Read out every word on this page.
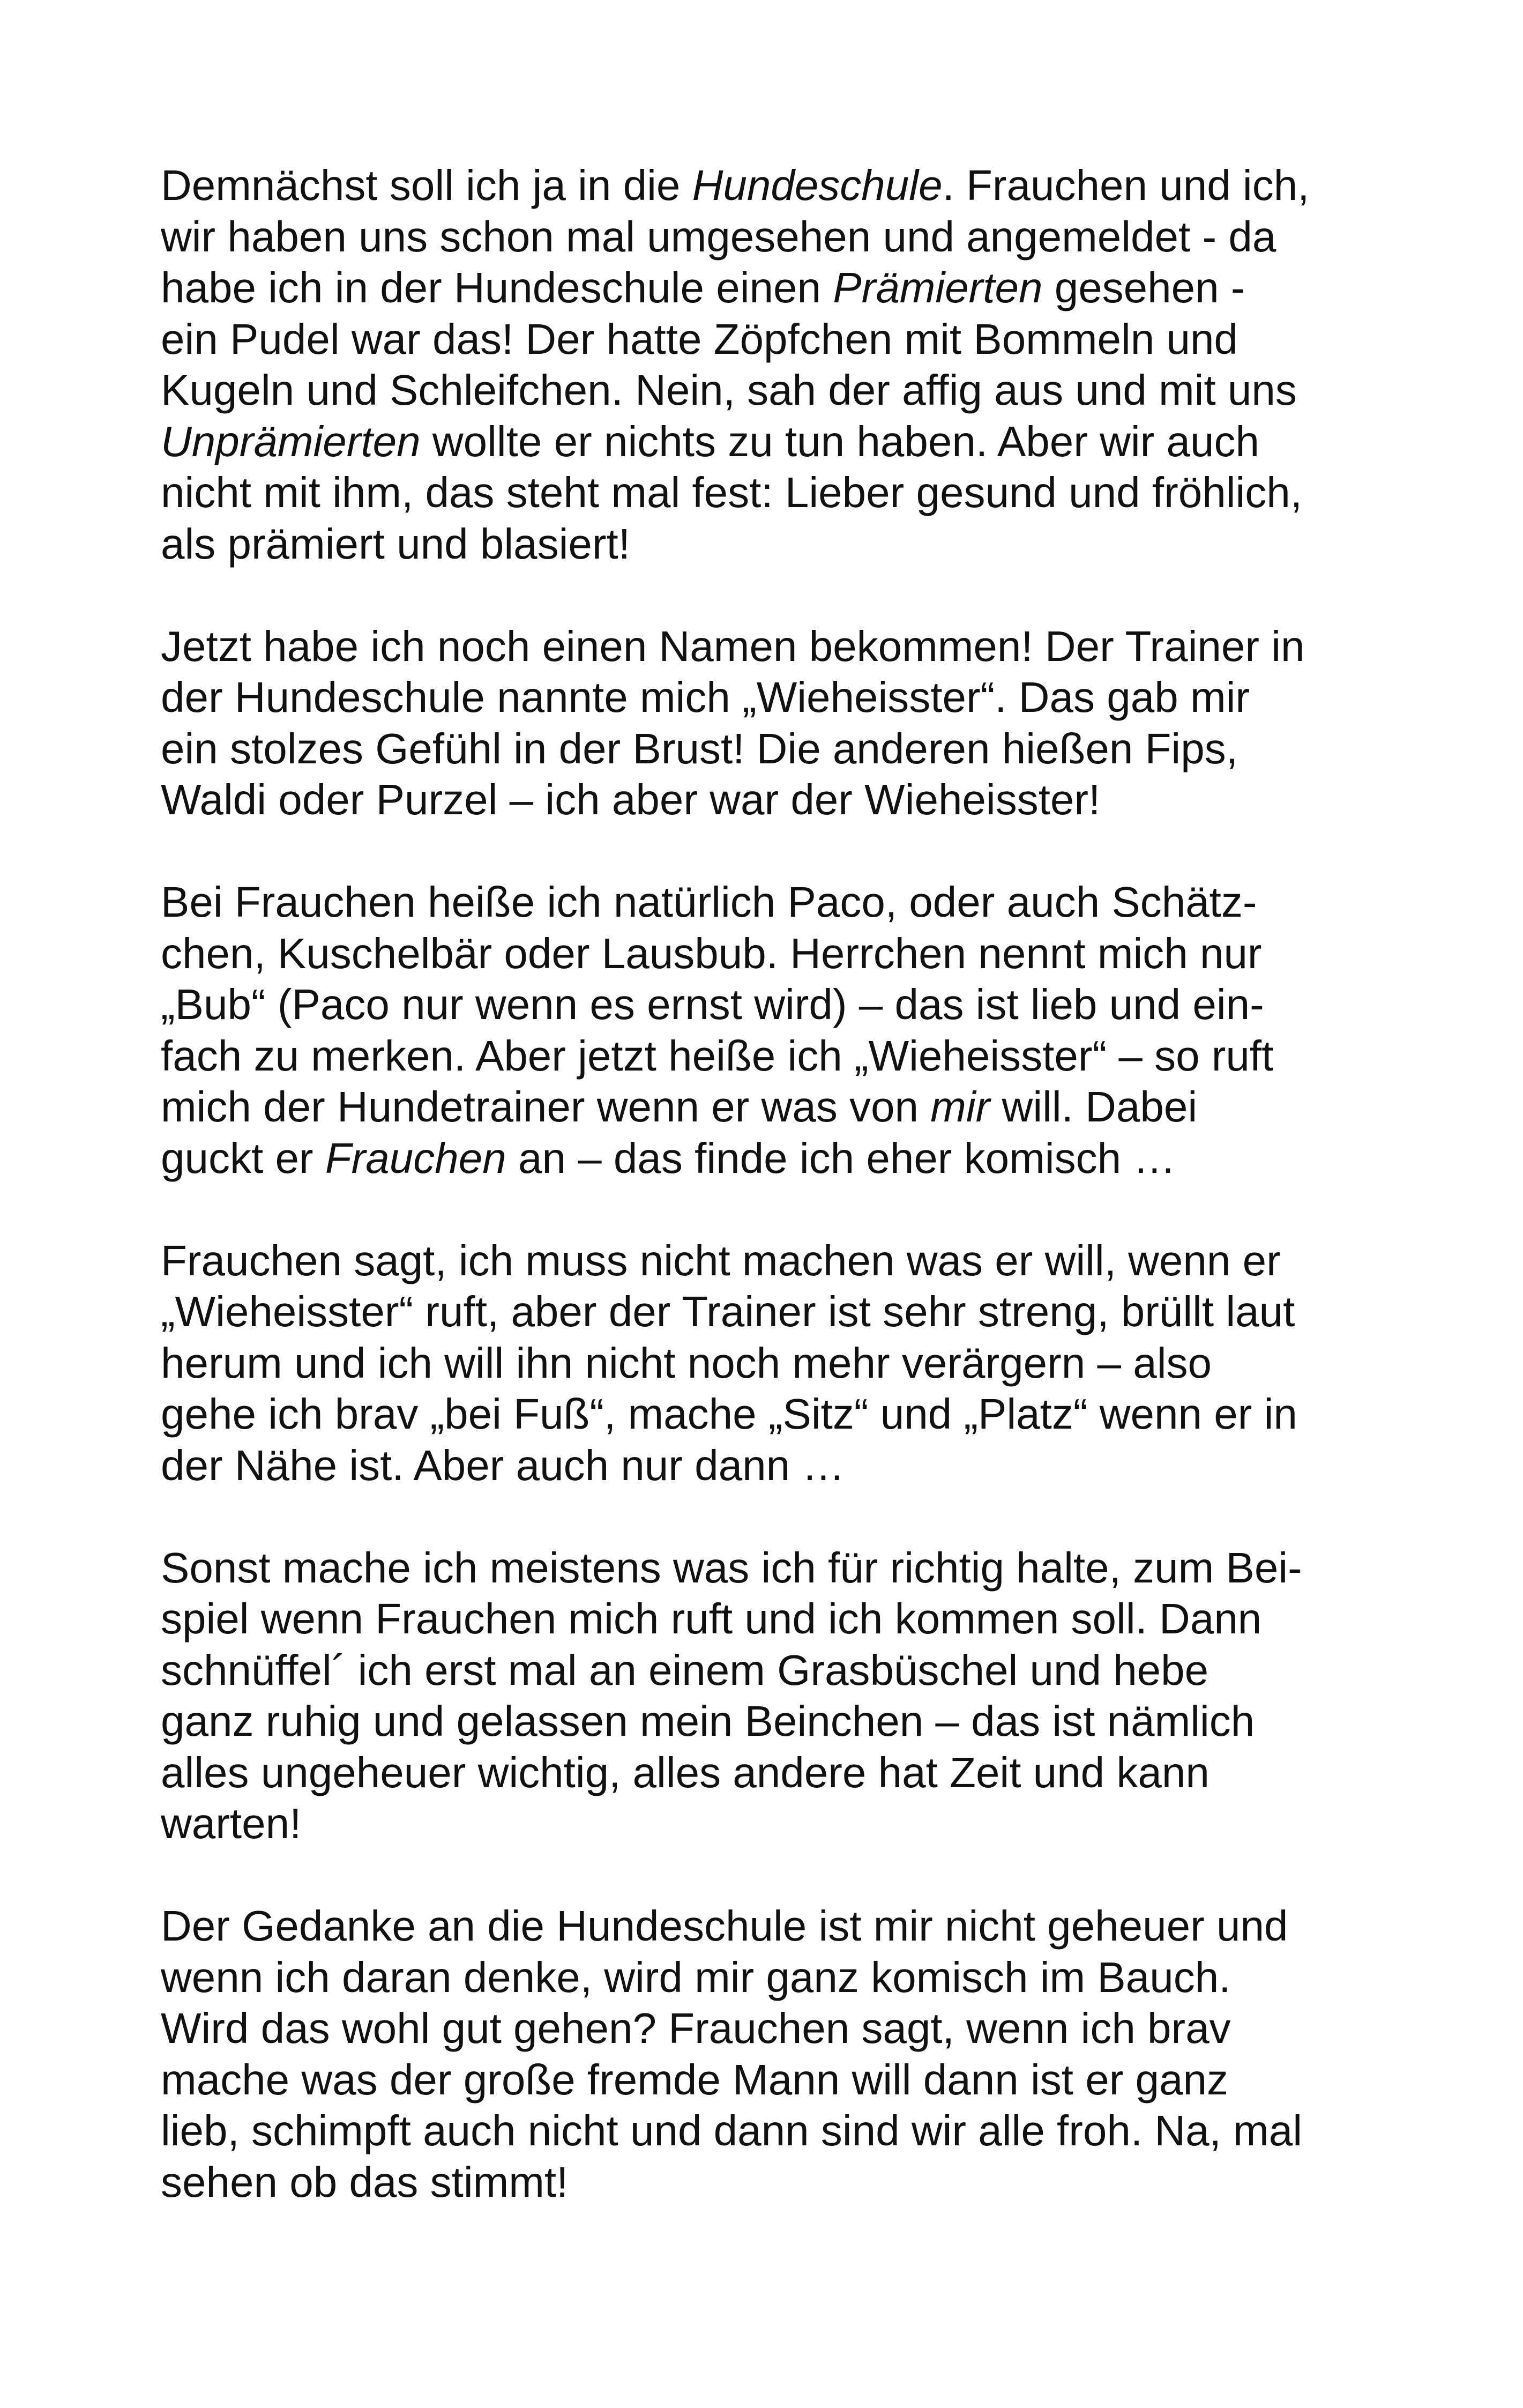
Demnächst soll ich ja in die Hundeschule. Frauchen und ich,
wir haben uns schon mal umgesehen und angemeldet - da
habe ich in der Hundeschule einen Prämierten gesehen -
ein Pudel war das! Der hatte Zöpfchen mit Bommeln und
Kugeln und Schleifchen. Nein, sah der affig aus und mit uns
Unprämierten wollte er nichts zu tun haben. Aber wir auch
nicht mit ihm, das steht mal fest: Lieber gesund und fröhlich,
als prämiert und blasiert!

Jetzt habe ich noch einen Namen bekommen! Der Trainer in
der Hundeschule nannte mich „Wieheisster“. Das gab mir
ein stolzes Gefühl in der Brust! Die anderen hießen Fips,
Waldi oder Purzel – ich aber war der Wieheisster!

Bei Frauchen heiße ich natürlich Paco, oder auch Schätz-
chen, Kuschelbär oder Lausbub. Herrchen nennt mich nur
„Bub“ (Paco nur wenn es ernst wird) – das ist lieb und ein-
fach zu merken. Aber jetzt heiße ich „Wieheisster“ – so ruft
mich der Hundetrainer wenn er was von mir will. Dabei
guckt er Frauchen an – das finde ich eher komisch …

Frauchen sagt, ich muss nicht machen was er will, wenn er
„Wieheisster“ ruft, aber der Trainer ist sehr streng, brüllt laut
herum und ich will ihn nicht noch mehr verärgern – also
gehe ich brav „bei Fuß“, mache „Sitz“ und „Platz“ wenn er in
der Nähe ist. Aber auch nur dann …

Sonst mache ich meistens was ich für richtig halte, zum Bei-
spiel wenn Frauchen mich ruft und ich kommen soll. Dann
schnüffel´ ich erst mal an einem Grasbüschel und hebe
ganz ruhig und gelassen mein Beinchen – das ist nämlich
alles ungeheuer wichtig, alles andere hat Zeit und kann
warten!

Der Gedanke an die Hundeschule ist mir nicht geheuer und
wenn ich daran denke, wird mir ganz komisch im Bauch.
Wird das wohl gut gehen? Frauchen sagt, wenn ich brav
mache was der große fremde Mann will dann ist er ganz
lieb, schimpft auch nicht und dann sind wir alle froh. Na, mal
sehen ob das stimmt!
